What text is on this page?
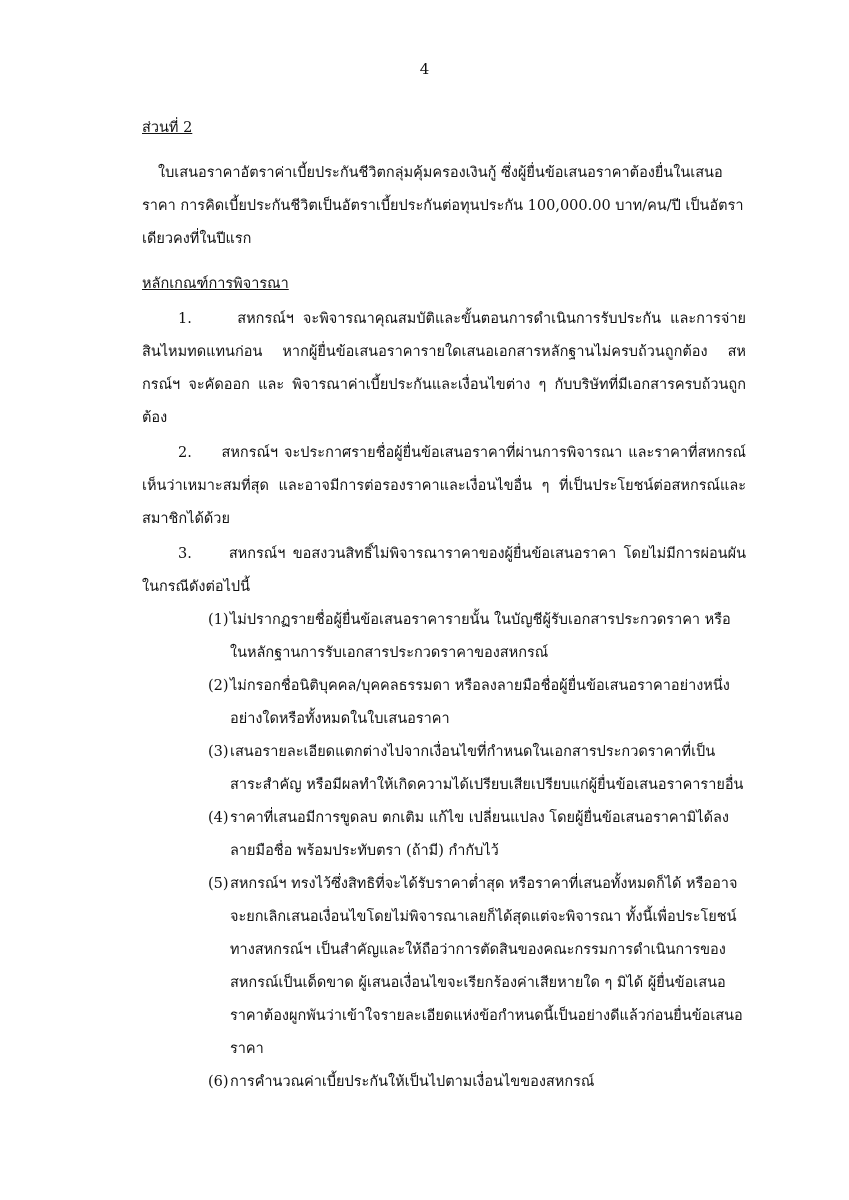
4

ส่วนที่ 2

ใบเสนอราคาอัตราค่าเบี้ยประกันชีวิตกลุ่มคุ้มครองเงินกู้ ซึ่งผู้ยื่นข้อเสนอราคาต้องยื่นในเสนอราคา การคิดเบี้ยประกันชีวิตเป็นอัตราเบี้ยประกันต่อทุนประกัน 100,000.00 บาท/คน/ปี เป็นอัตราเดียวคงที่ในปีแรก

หลักเกณฑ์การพิจารณา

1.	สหกรณ์ฯ จะพิจารณาคุณสมบัติและขั้นตอนการดำเนินการรับประกัน และการจ่ายสินไหมทดแทนก่อน หากผู้ยื่นข้อเสนอราคารายใดเสนอเอกสารหลักฐานไม่ครบถ้วนถูกต้อง สหกรณ์ฯ จะคัดออก และ พิจารณาค่าเบี้ยประกันและเงื่อนไขต่าง ๆ กับบริษัทที่มีเอกสารครบถ้วนถูกต้อง

2. สหกรณ์ฯ จะประกาศรายชื่อผู้ยื่นข้อเสนอราคาที่ผ่านการพิจารณา และราคาที่สหกรณ์ เห็นว่าเหมาะสมที่สุด และอาจมีการต่อรองราคาและเงื่อนไขอื่น ๆ ที่เป็นประโยชน์ต่อสหกรณ์และสมาชิกได้ด้วย

3.	สหกรณ์ฯ ขอสงวนสิทธิ์ไม่พิจารณาราคาของผู้ยื่นข้อเสนอราคา โดยไม่มีการผ่อนผัน ในกรณีดังต่อไปนี้

(1) ไม่ปรากฏรายชื่อผู้ยื่นข้อเสนอราคารายนั้น ในบัญชีผู้รับเอกสารประกวดราคา หรือในหลักฐานการรับเอกสารประกวดราคาของสหกรณ์
(2) ไม่กรอกชื่อนิติบุคคล/บุคคลธรรมดา หรือลงลายมือชื่อผู้ยื่นข้อเสนอราคาอย่างหนึ่งอย่างใดหรือทั้งหมดในใบเสนอราคา
(3) เสนอรายละเอียดแตกต่างไปจากเงื่อนไขที่กำหนดในเอกสารประกวดราคาที่เป็นสาระสำคัญ หรือมีผลทำให้เกิดความได้เปรียบเสียเปรียบแก่ผู้ยื่นข้อเสนอราคารายอื่น
(4) ราคาที่เสนอมีการขูดลบ ตกเติม แก้ไข เปลี่ยนแปลง โดยผู้ยื่นข้อเสนอราคามิได้ลงลายมือชื่อ พร้อมประทับตรา (ถ้ามี) กำกับไว้
(5) สหกรณ์ฯ ทรงไว้ซึ่งสิทธิที่จะได้รับราคาต่ำสุด หรือราคาที่เสนอทั้งหมดก็ได้ หรืออาจจะยกเลิกเสนอเงื่อนไขโดยไม่พิจารณาเลยก็ได้สุดแต่จะพิจารณา ทั้งนี้เพื่อประโยชน์ทางสหกรณ์ฯ เป็นสำคัญและให้ถือว่าการตัดสินของคณะกรรมการดำเนินการของสหกรณ์เป็นเด็ดขาด ผู้เสนอเงื่อนไขจะเรียกร้องค่าเสียหายใด ๆ มิได้ ผู้ยื่นข้อเสนอราคาต้องผูกพันว่าเข้าใจรายละเอียดแห่งข้อกำหนดนี้เป็นอย่างดีแล้วก่อนยื่นข้อเสนอราคา
(6) การคำนวณค่าเบี้ยประกันให้เป็นไปตามเงื่อนไขของสหกรณ์
